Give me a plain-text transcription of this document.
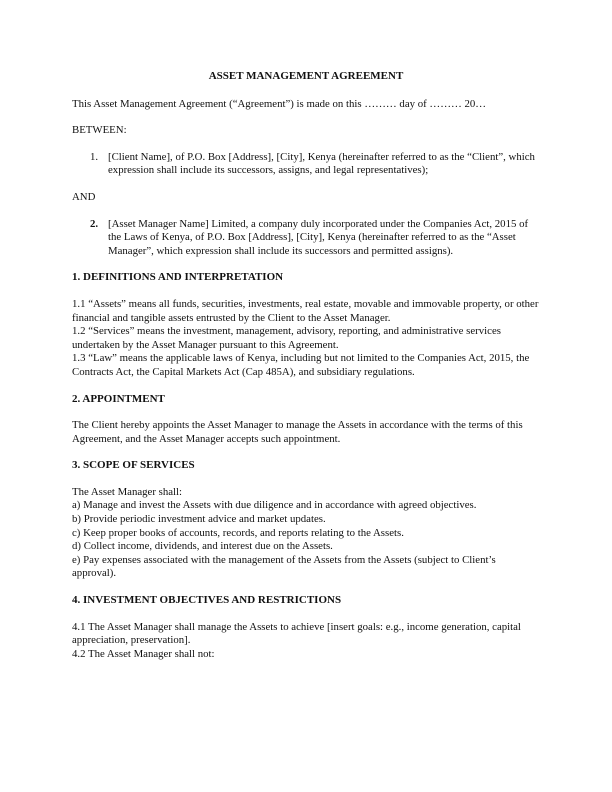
ASSET MANAGEMENT AGREEMENT

This Asset Management Agreement (“Agreement”) is made on this ……… day of ……… 20…

BETWEEN:

1. [Client Name], of P.O. Box [Address], [City], Kenya (hereinafter referred to as the “Client”, which expression shall include its successors, assigns, and legal representatives);

AND

2. [Asset Manager Name] Limited, a company duly incorporated under the Companies Act, 2015 of the Laws of Kenya, of P.O. Box [Address], [City], Kenya (hereinafter referred to as the “Asset Manager”, which expression shall include its successors and permitted assigns).
1. DEFINITIONS AND INTERPRETATION

1.1 “Assets” means all funds, securities, investments, real estate, movable and immovable property, or other financial and tangible assets entrusted by the Client to the Asset Manager.

1.2 “Services” means the investment, management, advisory, reporting, and administrative services undertaken by the Asset Manager pursuant to this Agreement.

1.3 “Law” means the applicable laws of Kenya, including but not limited to the Companies Act, 2015, the Contracts Act, the Capital Markets Act (Cap 485A), and subsidiary regulations.

2. APPOINTMENT

The Client hereby appoints the Asset Manager to manage the Assets in accordance with the terms of this Agreement, and the Asset Manager accepts such appointment.

3. SCOPE OF SERVICES

The Asset Manager shall:

a) Manage and invest the Assets with due diligence and in accordance with agreed objectives.

b) Provide periodic investment advice and market updates.

c) Keep proper books of accounts, records, and reports relating to the Assets.

d) Collect income, dividends, and interest due on the Assets.

e) Pay expenses associated with the management of the Assets from the Assets (subject to Client’s approval).

4. INVESTMENT OBJECTIVES AND RESTRICTIONS

4.1 The Asset Manager shall manage the Assets to achieve [insert goals: e.g., income generation, capital appreciation, preservation].

4.2 The Asset Manager shall not:
